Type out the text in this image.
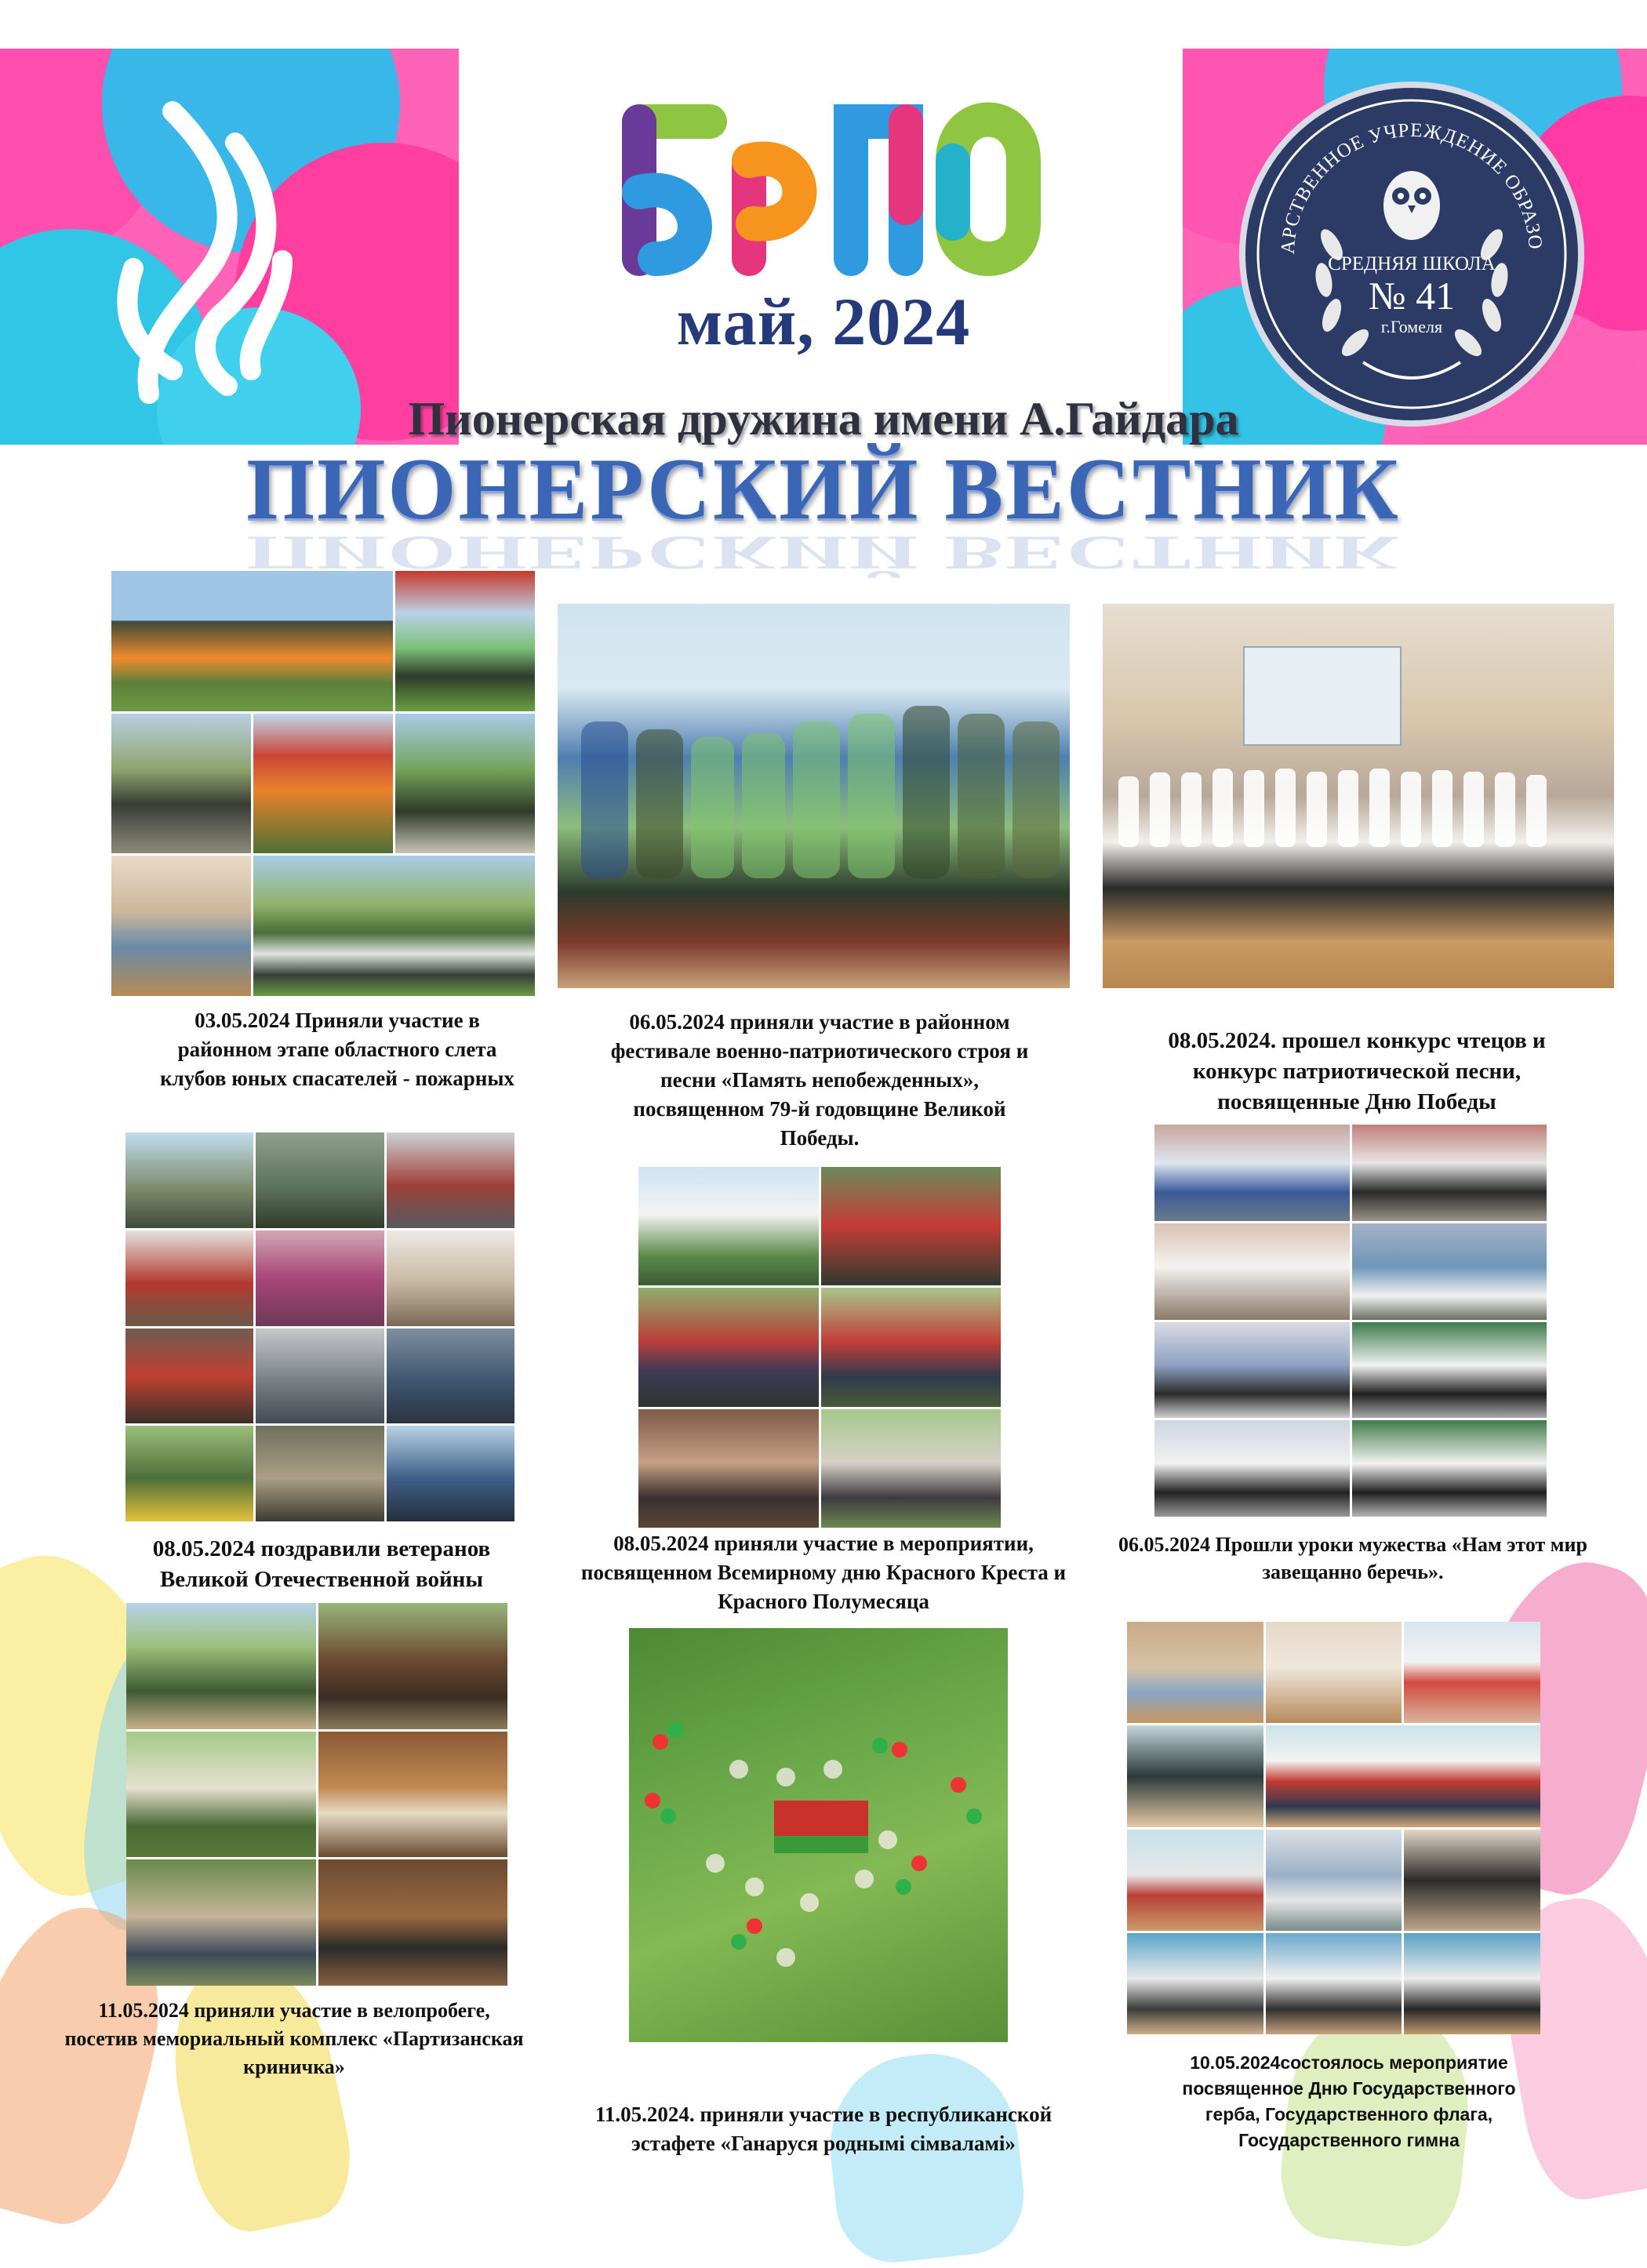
АРСТВЕННОЕ УЧРЕЖДЕНИЕ ОБРАЗО
СРЕДНЯЯ ШКОЛА
№ 41
г.Гомеля
БРПО
май, 2024
Пионерская дружина имени А.Гайдара
ПИОНЕРСКИЙ ВЕСТНИК
ПИОНЕРСКИЙ ВЕСТНИК
03.05.2024 Приняли участие в районном этапе областного слета клубов юных спасателей - пожарных
06.05.2024 приняли участие в районном фестивале военно-патриотического строя и песни «Память непобежденных», посвященном 79-й годовщине Великой Победы.
08.05.2024. прошел конкурс чтецов и конкурс патриотической песни, посвященные Дню Победы
08.05.2024 поздравили ветеранов Великой Отечественной войны
08.05.2024 приняли участие в мероприятии, посвященном Всемирному дню Красного Креста и Красного Полумесяца
06.05.2024 Прошли уроки мужества «Нам этот мир завещанно беречь».
11.05.2024 приняли участие в велопробеге, посетив мемориальный комплекс «Партизанская криничка»
11.05.2024. приняли участие в республиканской эстафете «Ганаруся роднымі сімваламі»
10.05.2024состоялось мероприятие посвященное Дню Государственного герба, Государственного флага, Государственного гимна
